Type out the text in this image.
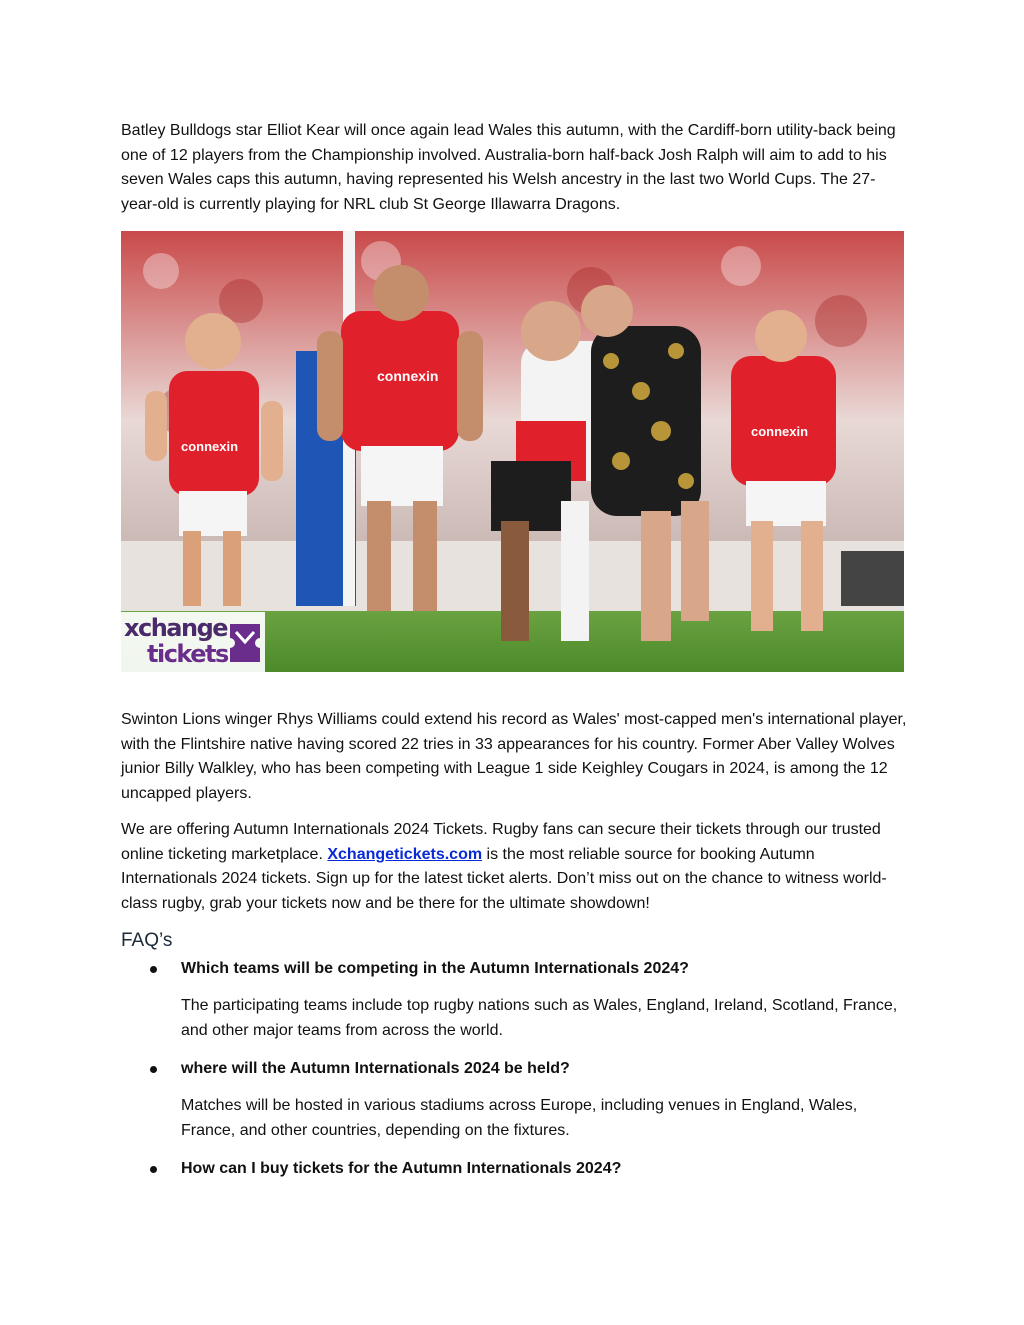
Batley Bulldogs star Elliot Kear will once again lead Wales this autumn, with the Cardiff-born utility-back being one of 12 players from the Championship involved. Australia-born half-back Josh Ralph will aim to add to his seven Wales caps this autumn, having represented his Welsh ancestry in the last two World Cups. The 27-year-old is currently playing for NRL club St George Illawarra Dragons.

connexin
connexin
connexin
xchange
tickets

Swinton Lions winger Rhys Williams could extend his record as Wales' most-capped men's international player, with the Flintshire native having scored 22 tries in 33 appearances for his country. Former Aber Valley Wolves junior Billy Walkley, who has been competing with League 1 side Keighley Cougars in 2024, is among the 12 uncapped players.

We are offering Autumn Internationals 2024 Tickets. Rugby fans can secure their tickets through our trusted online ticketing marketplace. Xchangetickets.com is the most reliable source for booking Autumn Internationals 2024 tickets. Sign up for the latest ticket alerts. Don’t miss out on the chance to witness world-class rugby, grab your tickets now and be there for the ultimate showdown!

FAQ’s

Which teams will be competing in the Autumn Internationals 2024?

The participating teams include top rugby nations such as Wales, England, Ireland, Scotland, France, and other major teams from across the world.

where will the Autumn Internationals 2024 be held?

Matches will be hosted in various stadiums across Europe, including venues in England, Wales, France, and other countries, depending on the fixtures.

How can I buy tickets for the Autumn Internationals 2024?
